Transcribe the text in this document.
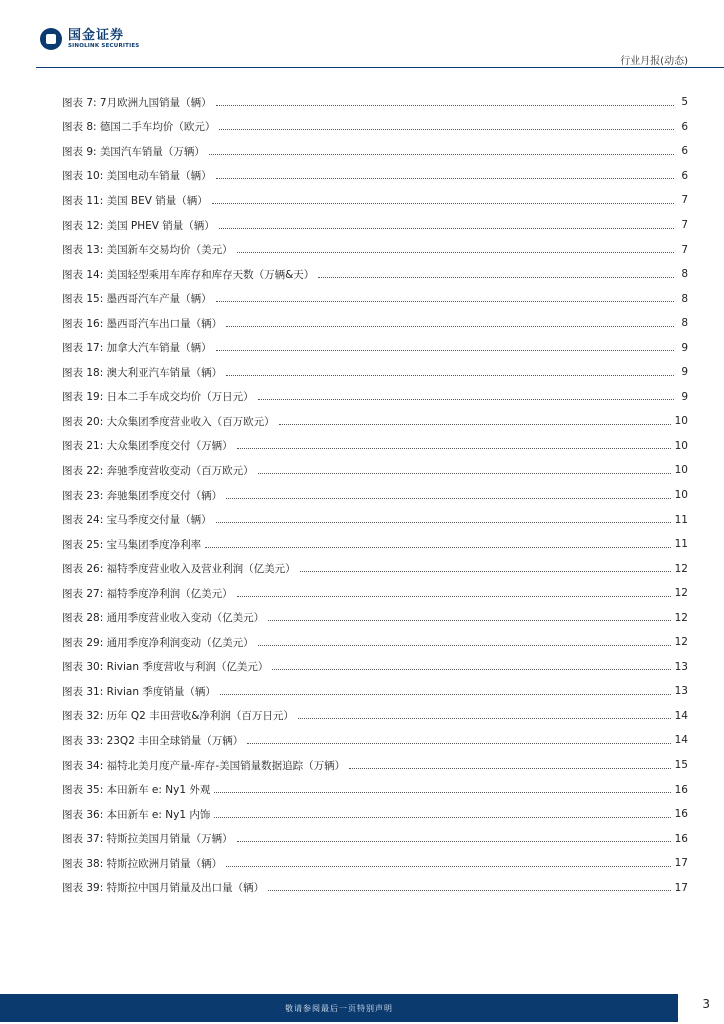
国金证券
SINOLINK SECURITIES
行业月报(动态)
图表 7: 7月欧洲九国销量（辆）	5
图表 8: 德国二手车均价（欧元）	6
图表 9: 美国汽车销量（万辆）	6
图表 10: 美国电动车销量（辆）	6
图表 11: 美国 BEV 销量（辆）	7
图表 12: 美国 PHEV 销量（辆）	7
图表 13: 美国新车交易均价（美元）	7
图表 14: 美国轻型乘用车库存和库存天数（万辆&天）	8
图表 15: 墨西哥汽车产量（辆）	8
图表 16: 墨西哥汽车出口量（辆）	8
图表 17: 加拿大汽车销量（辆）	9
图表 18: 澳大利亚汽车销量（辆）	9
图表 19: 日本二手车成交均价（万日元）	9
图表 20: 大众集团季度营业收入（百万欧元）	10
图表 21: 大众集团季度交付（万辆）	10
图表 22: 奔驰季度营收变动（百万欧元）	10
图表 23: 奔驰集团季度交付（辆）	10
图表 24: 宝马季度交付量（辆）	11
图表 25: 宝马集团季度净利率	11
图表 26: 福特季度营业收入及营业利润（亿美元）	12
图表 27: 福特季度净利润（亿美元）	12
图表 28: 通用季度营业收入变动（亿美元）	12
图表 29: 通用季度净利润变动（亿美元）	12
图表 30: Rivian 季度营收与利润（亿美元）	13
图表 31: Rivian 季度销量（辆）	13
图表 32: 历年 Q2 丰田营收&净利润（百万日元）	14
图表 33: 23Q2 丰田全球销量（万辆）	14
图表 34: 福特北美月度产量-库存-美国销量数据追踪（万辆）	15
图表 35: 本田新车 e: Ny1 外观	16
图表 36: 本田新车 e: Ny1 内饰	16
图表 37: 特斯拉美国月销量（万辆）	16
图表 38: 特斯拉欧洲月销量（辆）	17
图表 39: 特斯拉中国月销量及出口量（辆）	17
敬请参阅最后一页特别声明	3
